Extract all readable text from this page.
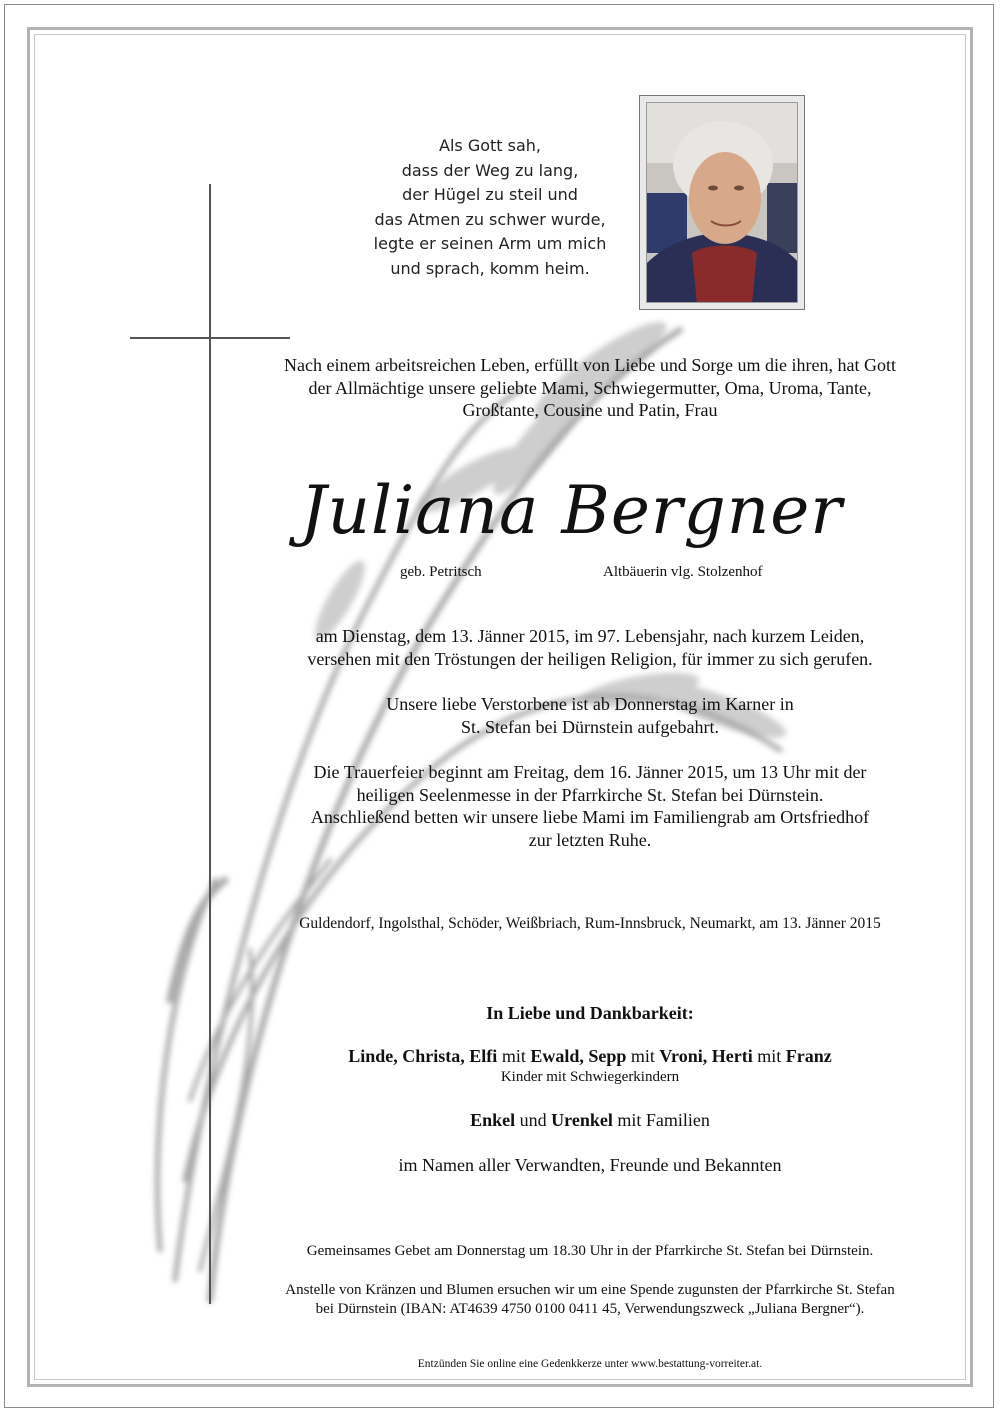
Als Gott sah,
dass der Weg zu lang,
der Hügel zu steil und
das Atmen zu schwer wurde,
legte er seinen Arm um mich
und sprach, komm heim.
Nach einem arbeitsreichen Leben, erfüllt von Liebe und Sorge um die ihren, hat Gott
der Allmächtige unsere geliebte Mami, Schwiegermutter, Oma, Uroma, Tante,
Großtante, Cousine und Patin, Frau
Juliana Bergner
geb. Petritsch	Altbäuerin vlg. Stolzenhof
am Dienstag, dem 13. Jänner 2015, im 97. Lebensjahr, nach kurzem Leiden,
versehen mit den Tröstungen der heiligen Religion, für immer zu sich gerufen.
Unsere liebe Verstorbene ist ab Donnerstag im Karner in
St. Stefan bei Dürnstein aufgebahrt.
Die Trauerfeier beginnt am Freitag, dem 16. Jänner 2015, um 13 Uhr mit der
heiligen Seelenmesse in der Pfarrkirche St. Stefan bei Dürnstein.
Anschließend betten wir unsere liebe Mami im Familiengrab am Ortsfriedhof
zur letzten Ruhe.
Guldendorf, Ingolsthal, Schöder, Weißbriach, Rum-Innsbruck, Neumarkt, am 13. Jänner 2015
In Liebe und Dankbarkeit:
Linde, Christa, Elfi mit Ewald, Sepp mit Vroni, Herti mit Franz
Kinder mit Schwiegerkindern
Enkel und Urenkel mit Familien
im Namen aller Verwandten, Freunde und Bekannten
Gemeinsames Gebet am Donnerstag um 18.30 Uhr in der Pfarrkirche St. Stefan bei Dürnstein.
Anstelle von Kränzen und Blumen ersuchen wir um eine Spende zugunsten der Pfarrkirche St. Stefan
bei Dürnstein (IBAN: AT4639 4750 0100 0411 45, Verwendungszweck „Juliana Bergner“).
Entzünden Sie online eine Gedenkkerze unter www.bestattung-vorreiter.at.
